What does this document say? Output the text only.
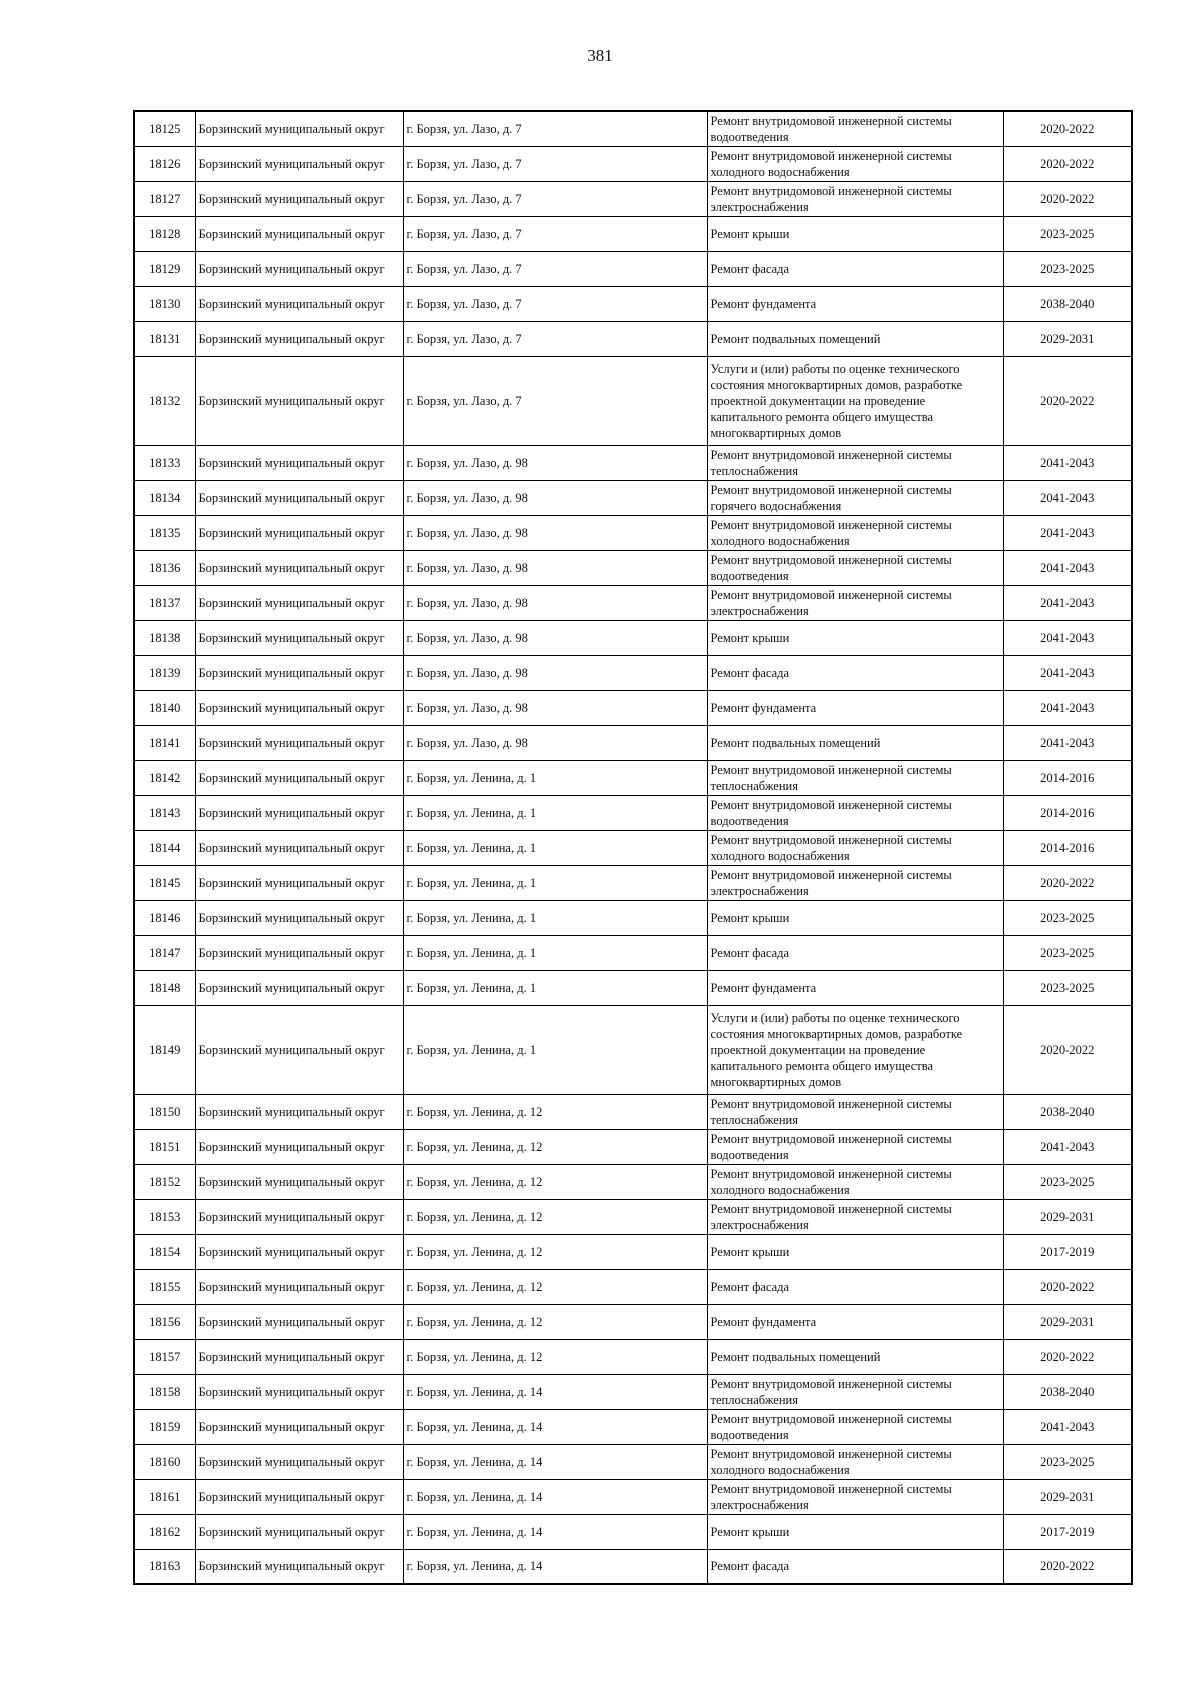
381
18125	Борзинский муниципальный округ	г. Борзя, ул. Лазо, д. 7	Ремонт внутридомовой инженерной системы водоотведения	2020-2022
18126	Борзинский муниципальный округ	г. Борзя, ул. Лазо, д. 7	Ремонт внутридомовой инженерной системы холодного водоснабжения	2020-2022
18127	Борзинский муниципальный округ	г. Борзя, ул. Лазо, д. 7	Ремонт внутридомовой инженерной системы электроснабжения	2020-2022
18128	Борзинский муниципальный округ	г. Борзя, ул. Лазо, д. 7	Ремонт крыши	2023-2025
18129	Борзинский муниципальный округ	г. Борзя, ул. Лазо, д. 7	Ремонт фасада	2023-2025
18130	Борзинский муниципальный округ	г. Борзя, ул. Лазо, д. 7	Ремонт фундамента	2038-2040
18131	Борзинский муниципальный округ	г. Борзя, ул. Лазо, д. 7	Ремонт подвальных помещений	2029-2031
18132	Борзинский муниципальный округ	г. Борзя, ул. Лазо, д. 7	Услуги и (или) работы по оценке технического состояния многоквартирных домов, разработке проектной документации на проведение капитального ремонта общего имущества многоквартирных домов	2020-2022
18133	Борзинский муниципальный округ	г. Борзя, ул. Лазо, д. 98	Ремонт внутридомовой инженерной системы теплоснабжения	2041-2043
18134	Борзинский муниципальный округ	г. Борзя, ул. Лазо, д. 98	Ремонт внутридомовой инженерной системы горячего водоснабжения	2041-2043
18135	Борзинский муниципальный округ	г. Борзя, ул. Лазо, д. 98	Ремонт внутридомовой инженерной системы холодного водоснабжения	2041-2043
18136	Борзинский муниципальный округ	г. Борзя, ул. Лазо, д. 98	Ремонт внутридомовой инженерной системы водоотведения	2041-2043
18137	Борзинский муниципальный округ	г. Борзя, ул. Лазо, д. 98	Ремонт внутридомовой инженерной системы электроснабжения	2041-2043
18138	Борзинский муниципальный округ	г. Борзя, ул. Лазо, д. 98	Ремонт крыши	2041-2043
18139	Борзинский муниципальный округ	г. Борзя, ул. Лазо, д. 98	Ремонт фасада	2041-2043
18140	Борзинский муниципальный округ	г. Борзя, ул. Лазо, д. 98	Ремонт фундамента	2041-2043
18141	Борзинский муниципальный округ	г. Борзя, ул. Лазо, д. 98	Ремонт подвальных помещений	2041-2043
18142	Борзинский муниципальный округ	г. Борзя, ул. Ленина, д. 1	Ремонт внутридомовой инженерной системы теплоснабжения	2014-2016
18143	Борзинский муниципальный округ	г. Борзя, ул. Ленина, д. 1	Ремонт внутридомовой инженерной системы водоотведения	2014-2016
18144	Борзинский муниципальный округ	г. Борзя, ул. Ленина, д. 1	Ремонт внутридомовой инженерной системы холодного водоснабжения	2014-2016
18145	Борзинский муниципальный округ	г. Борзя, ул. Ленина, д. 1	Ремонт внутридомовой инженерной системы электроснабжения	2020-2022
18146	Борзинский муниципальный округ	г. Борзя, ул. Ленина, д. 1	Ремонт крыши	2023-2025
18147	Борзинский муниципальный округ	г. Борзя, ул. Ленина, д. 1	Ремонт фасада	2023-2025
18148	Борзинский муниципальный округ	г. Борзя, ул. Ленина, д. 1	Ремонт фундамента	2023-2025
18149	Борзинский муниципальный округ	г. Борзя, ул. Ленина, д. 1	Услуги и (или) работы по оценке технического состояния многоквартирных домов, разработке проектной документации на проведение капитального ремонта общего имущества многоквартирных домов	2020-2022
18150	Борзинский муниципальный округ	г. Борзя, ул. Ленина, д. 12	Ремонт внутридомовой инженерной системы теплоснабжения	2038-2040
18151	Борзинский муниципальный округ	г. Борзя, ул. Ленина, д. 12	Ремонт внутридомовой инженерной системы водоотведения	2041-2043
18152	Борзинский муниципальный округ	г. Борзя, ул. Ленина, д. 12	Ремонт внутридомовой инженерной системы холодного водоснабжения	2023-2025
18153	Борзинский муниципальный округ	г. Борзя, ул. Ленина, д. 12	Ремонт внутридомовой инженерной системы электроснабжения	2029-2031
18154	Борзинский муниципальный округ	г. Борзя, ул. Ленина, д. 12	Ремонт крыши	2017-2019
18155	Борзинский муниципальный округ	г. Борзя, ул. Ленина, д. 12	Ремонт фасада	2020-2022
18156	Борзинский муниципальный округ	г. Борзя, ул. Ленина, д. 12	Ремонт фундамента	2029-2031
18157	Борзинский муниципальный округ	г. Борзя, ул. Ленина, д. 12	Ремонт подвальных помещений	2020-2022
18158	Борзинский муниципальный округ	г. Борзя, ул. Ленина, д. 14	Ремонт внутридомовой инженерной системы теплоснабжения	2038-2040
18159	Борзинский муниципальный округ	г. Борзя, ул. Ленина, д. 14	Ремонт внутридомовой инженерной системы водоотведения	2041-2043
18160	Борзинский муниципальный округ	г. Борзя, ул. Ленина, д. 14	Ремонт внутридомовой инженерной системы холодного водоснабжения	2023-2025
18161	Борзинский муниципальный округ	г. Борзя, ул. Ленина, д. 14	Ремонт внутридомовой инженерной системы электроснабжения	2029-2031
18162	Борзинский муниципальный округ	г. Борзя, ул. Ленина, д. 14	Ремонт крыши	2017-2019
18163	Борзинский муниципальный округ	г. Борзя, ул. Ленина, д. 14	Ремонт фасада	2020-2022
